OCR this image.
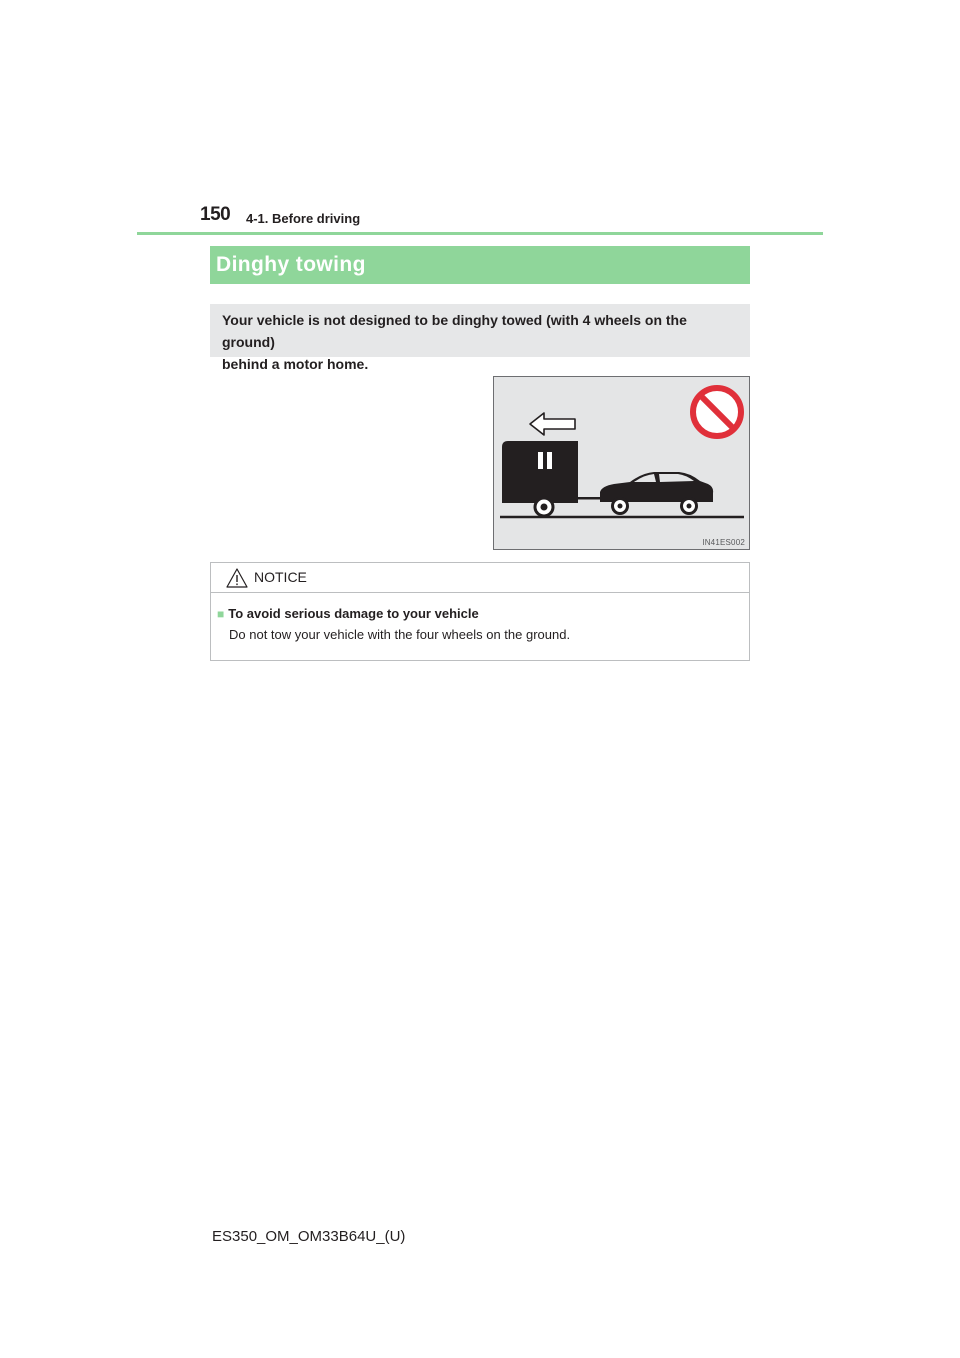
150 4-1. Before driving
Dinghy towing
Your vehicle is not designed to be dinghy towed (with 4 wheels on the ground)
behind a motor home.
IN41ES002
NOTICE
■ To avoid serious damage to your vehicle
Do not tow your vehicle with the four wheels on the ground.
ES350_OM_OM33B64U_(U)
